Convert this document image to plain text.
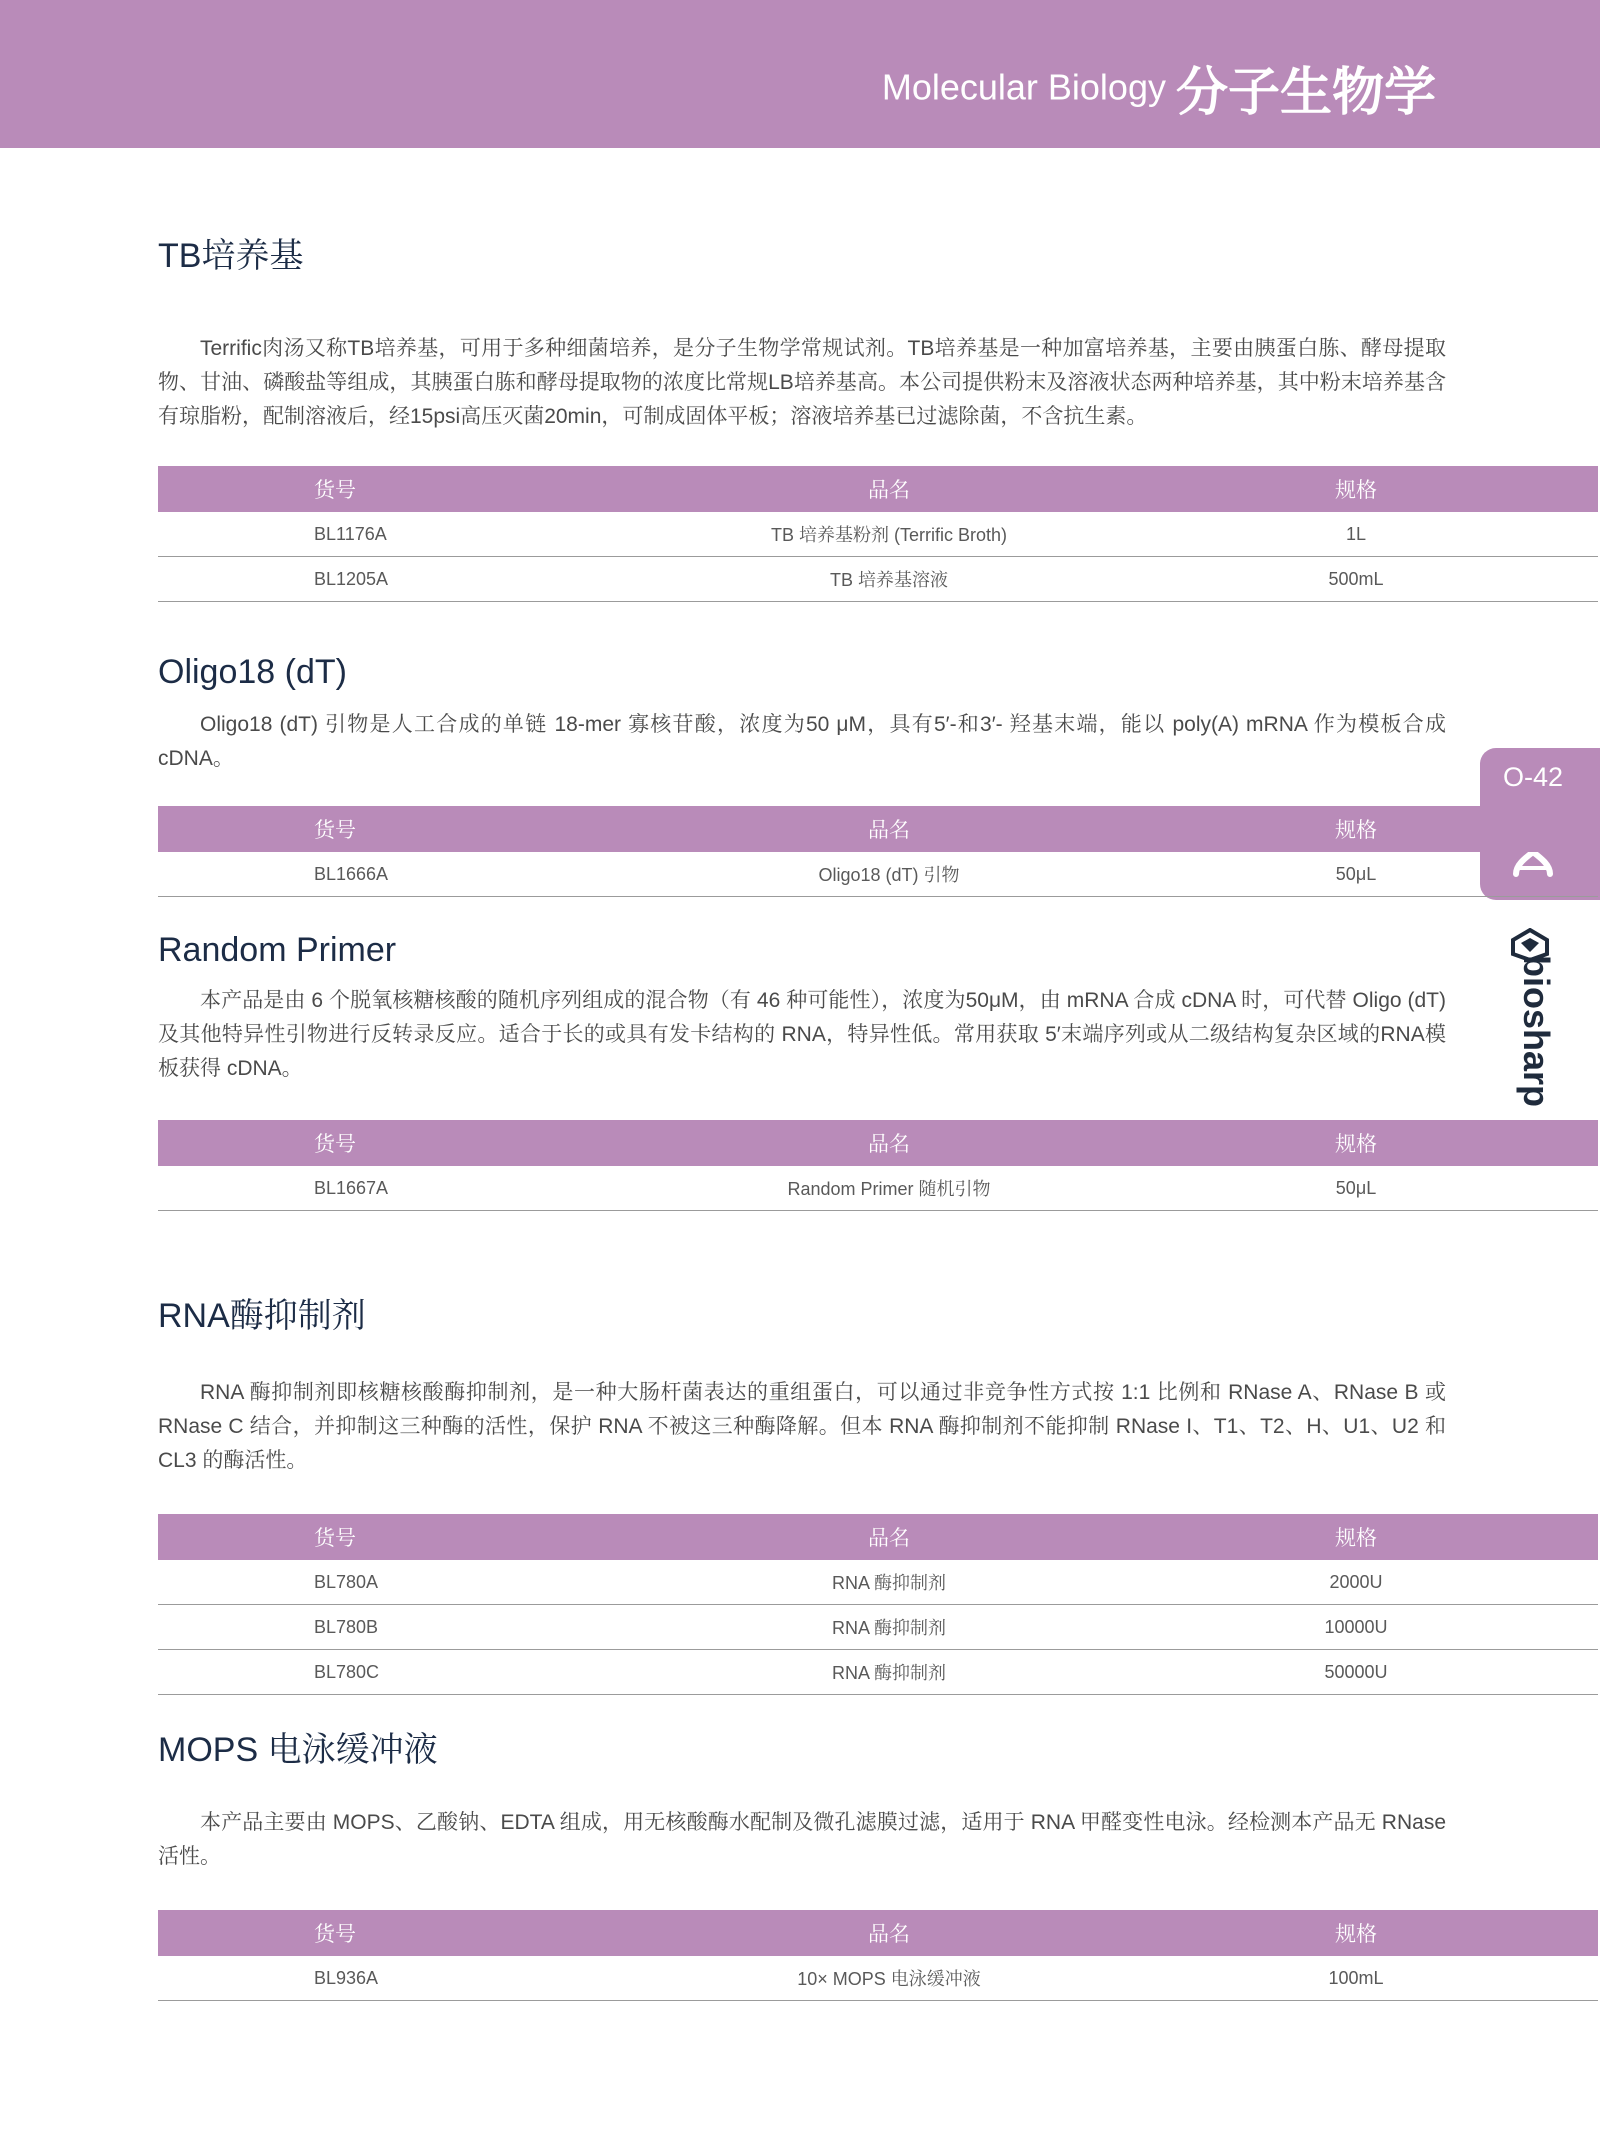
Molecular Biology 分子生物学
O-42
biosharp
TB培养基

Terrific肉汤又称TB培养基，可用于多种细菌培养，是分子生物学常规试剂。TB培养基是一种加富培养基，主要由胰蛋白胨、酵母提取物、甘油、磷酸盐等组成，其胰蛋白胨和酵母提取物的浓度比常规LB培养基高。本公司提供粉末及溶液状态两种培养基，其中粉末培养基含有琼脂粉，配制溶液后，经15psi高压灭菌20min，可制成固体平板；溶液培养基已过滤除菌，不含抗生素。

货号	品名	规格
BL1176A	TB 培养基粉剂 (Terrific Broth)	1L
BL1205A	TB 培养基溶液	500mL
Oligo18 (dT)

Oligo18 (dT) 引物是人工合成的单链 18-mer 寡核苷酸，浓度为50 μM，具有5′-和3′- 羟基末端，能以 poly(A) mRNA 作为模板合成 cDNA。

货号	品名	规格
BL1666A	Oligo18 (dT) 引物	50μL
Random Primer

本产品是由 6 个脱氧核糖核酸的随机序列组成的混合物（有 46 种可能性），浓度为50μM，由 mRNA 合成 cDNA 时，可代替 Oligo (dT)及其他特异性引物进行反转录反应。适合于长的或具有发卡结构的 RNA，特异性低。常用获取 5′末端序列或从二级结构复杂区域的RNA模板获得 cDNA。

货号	品名	规格
BL1667A	Random Primer 随机引物	50μL
RNA酶抑制剂

RNA 酶抑制剂即核糖核酸酶抑制剂，是一种大肠杆菌表达的重组蛋白，可以通过非竞争性方式按 1:1 比例和 RNase A、RNase B 或 RNase C 结合，并抑制这三种酶的活性，保护 RNA 不被这三种酶降解。但本 RNA 酶抑制剂不能抑制 RNase I、T1、T2、H、U1、U2 和 CL3 的酶活性。

货号	品名	规格
BL780A	RNA 酶抑制剂	2000U
BL780B	RNA 酶抑制剂	10000U
BL780C	RNA 酶抑制剂	50000U
MOPS 电泳缓冲液

本产品主要由 MOPS、乙酸钠、EDTA 组成，用无核酸酶水配制及微孔滤膜过滤，适用于 RNA 甲醛变性电泳。经检测本产品无 RNase 活性。

货号	品名	规格
BL936A	10× MOPS 电泳缓冲液	100mL
